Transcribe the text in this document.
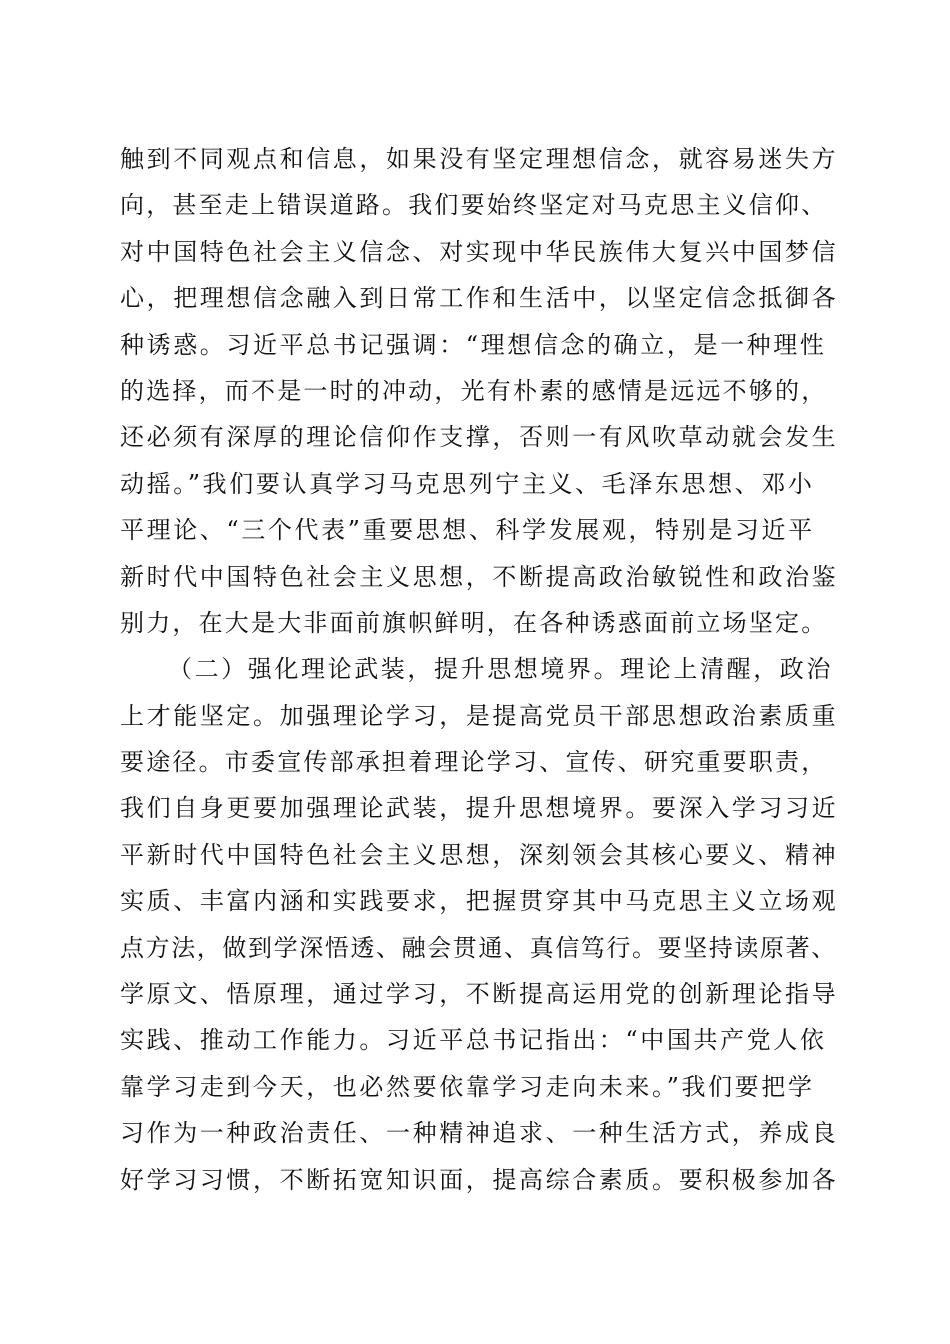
触到不同观点和信息，如果没有坚定理想信念，就容易迷失方
向，甚至走上错误道路。我们要始终坚定对马克思主义信仰、
对中国特色社会主义信念、对实现中华民族伟大复兴中国梦信
心，把理想信念融入到日常工作和生活中，以坚定信念抵御各
种诱惑。习近平总书记强调：“理想信念的确立，是一种理性
的选择，而不是一时的冲动，光有朴素的感情是远远不够的，
还必须有深厚的理论信仰作支撑，否则一有风吹草动就会发生
动摇。”我们要认真学习马克思列宁主义、毛泽东思想、邓小
平理论、“三个代表”重要思想、科学发展观，特别是习近平
新时代中国特色社会主义思想，不断提高政治敏锐性和政治鉴
别力，在大是大非面前旗帜鲜明，在各种诱惑面前立场坚定。
（二）强化理论武装，提升思想境界。理论上清醒，政治
上才能坚定。加强理论学习，是提高党员干部思想政治素质重
要途径。市委宣传部承担着理论学习、宣传、研究重要职责，
我们自身更要加强理论武装，提升思想境界。要深入学习习近
平新时代中国特色社会主义思想，深刻领会其核心要义、精神
实质、丰富内涵和实践要求，把握贯穿其中马克思主义立场观
点方法，做到学深悟透、融会贯通、真信笃行。要坚持读原著、
学原文、悟原理，通过学习，不断提高运用党的创新理论指导
实践、推动工作能力。习近平总书记指出：“中国共产党人依
靠学习走到今天，也必然要依靠学习走向未来。”我们要把学
习作为一种政治责任、一种精神追求、一种生活方式，养成良
好学习习惯，不断拓宽知识面，提高综合素质。要积极参加各
